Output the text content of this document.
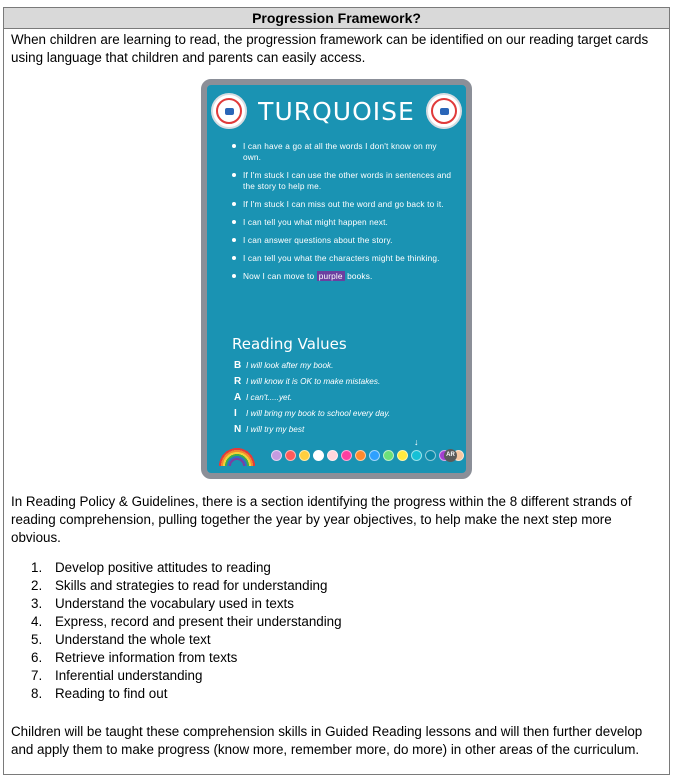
Progression Framework?

When children are learning to read, the progression framework can be identified on our reading target cards using language that children and parents can easily access.

TURQUOISE
I can have a go at all the words I don't know on my own.
If I'm stuck I can use the other words in sentences and the story to help me.
If I'm stuck I can miss out the word and go back to it.
I can tell you what might happen next.
I can answer questions about the story.
I can tell you what the characters might be thinking.
Now I can move to purple books.
Reading Values
B I will look after my book.
R I will know it is OK to make mistakes.
A I can't.....yet.
I I will bring my book to school every day.
N I will try my best
↓
AR

In Reading Policy & Guidelines, there is a section identifying the progress within the 8 different strands of reading comprehension, pulling together the year by year objectives, to help make the next step more obvious.

1. Develop positive attitudes to reading
2. Skills and strategies to read for understanding
3. Understand the vocabulary used in texts
4. Express, record and present their understanding
5. Understand the whole text
6. Retrieve information from texts
7. Inferential understanding
8. Reading to find out

Children will be taught these comprehension skills in Guided Reading lessons and will then further develop and apply them to make progress (know more, remember more, do more) in other areas of the curriculum.
